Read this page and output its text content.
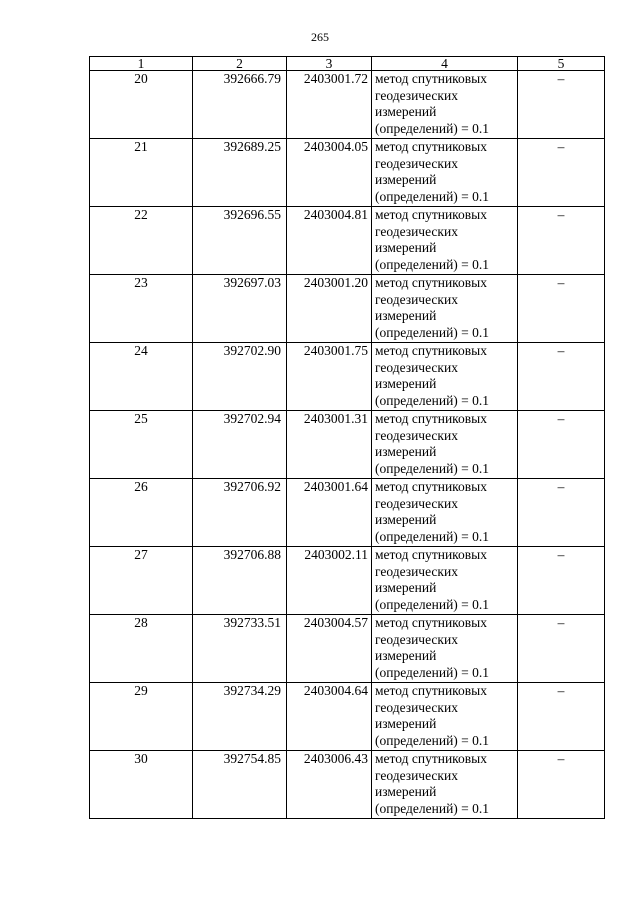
265
1	2	3	4	5
20	392666.79	2403001.72	метод спутниковых геодезических измерений (определений) = 0.1	–
21	392689.25	2403004.05	метод спутниковых геодезических измерений (определений) = 0.1	–
22	392696.55	2403004.81	метод спутниковых геодезических измерений (определений) = 0.1	–
23	392697.03	2403001.20	метод спутниковых геодезических измерений (определений) = 0.1	–
24	392702.90	2403001.75	метод спутниковых геодезических измерений (определений) = 0.1	–
25	392702.94	2403001.31	метод спутниковых геодезических измерений (определений) = 0.1	–
26	392706.92	2403001.64	метод спутниковых геодезических измерений (определений) = 0.1	–
27	392706.88	2403002.11	метод спутниковых геодезических измерений (определений) = 0.1	–
28	392733.51	2403004.57	метод спутниковых геодезических измерений (определений) = 0.1	–
29	392734.29	2403004.64	метод спутниковых геодезических измерений (определений) = 0.1	–
30	392754.85	2403006.43	метод спутниковых геодезических измерений (определений) = 0.1	–
